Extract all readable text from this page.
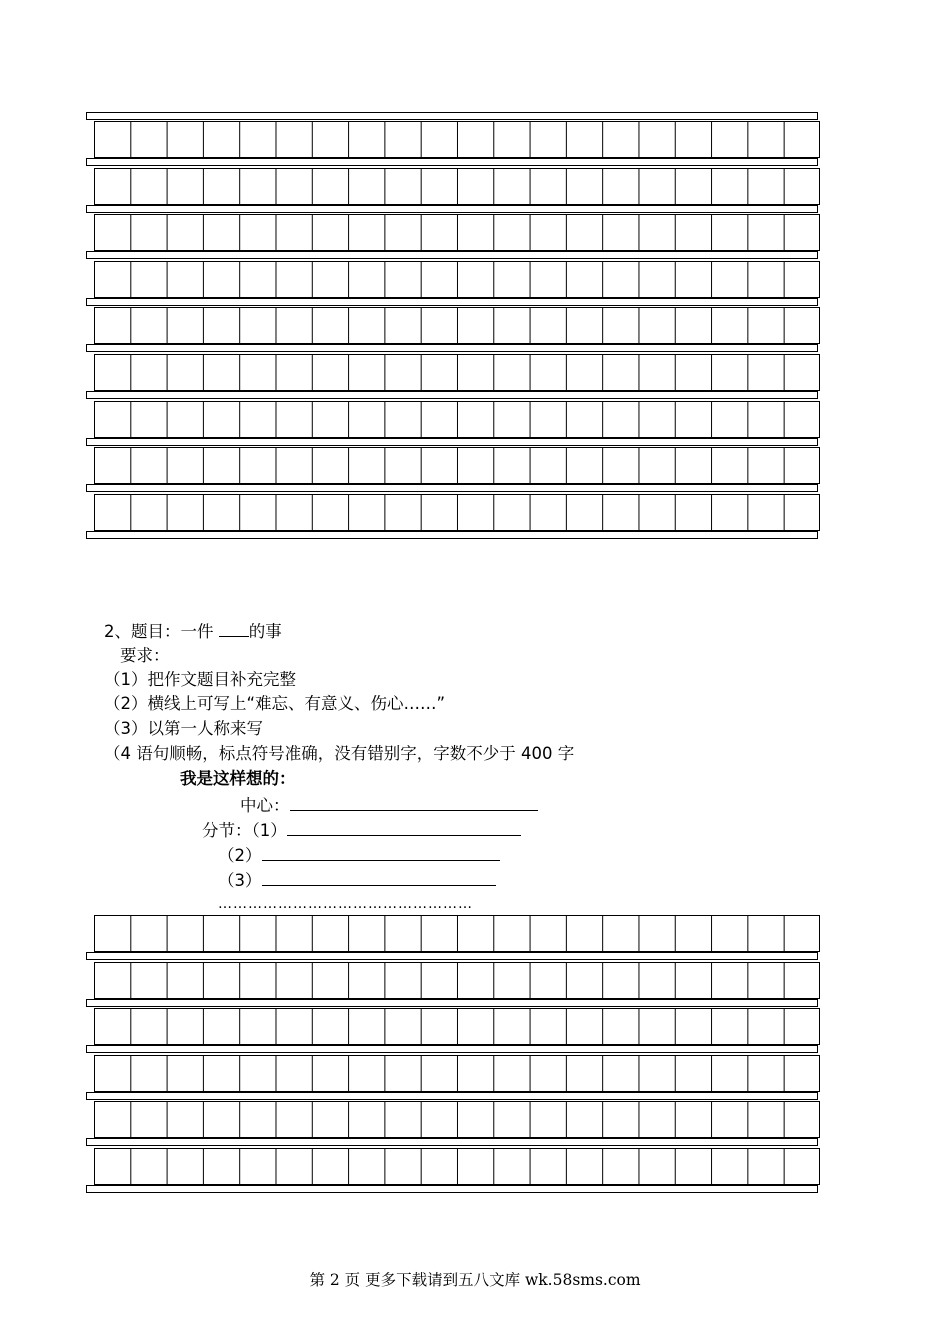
2、题目：一件 的事
要求：
（1）把作文题目补充完整
（2）横线上可写上“难忘、有意义、伤心……”
（3）以第一人称来写
（4 语句顺畅，标点符号准确，没有错别字，字数不少于 400 字
我是这样想的：
中心：
分节：（1）
（2）
（3）
……………………………………………
第 2 页 更多下载请到五八文库 wk.58sms.com
